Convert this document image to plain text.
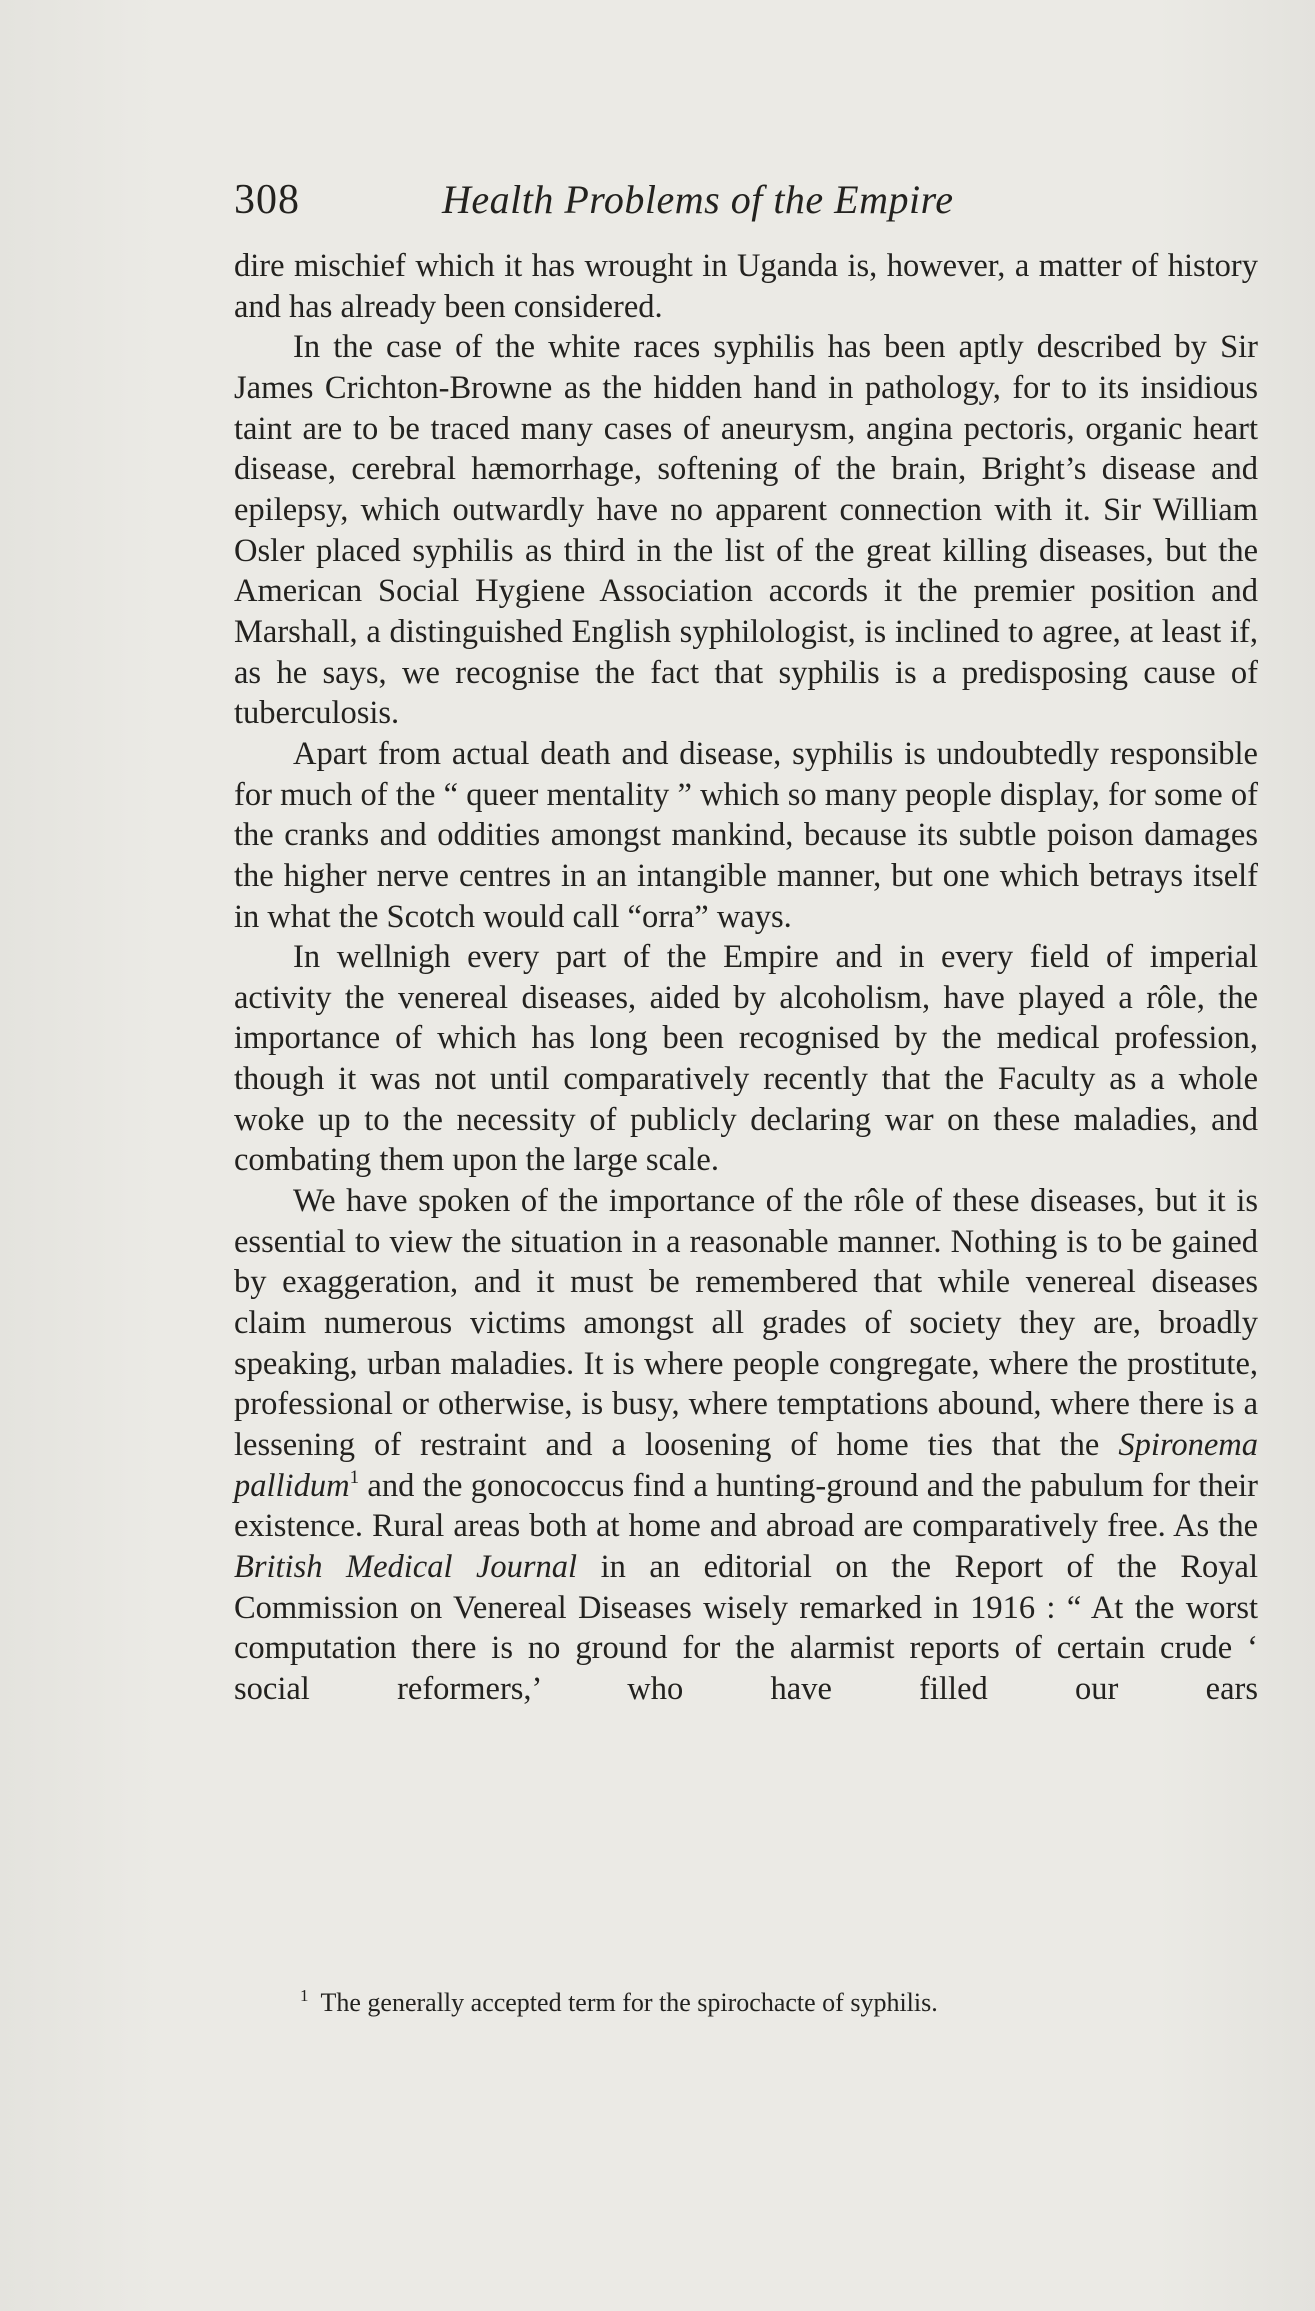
308	Health Problems of the Empire

dire mischief which it has wrought in Uganda is, however, a matter of history and has already been considered.

In the case of the white races syphilis has been aptly described by Sir James Crichton-Browne as the hidden hand in pathology, for to its insidious taint are to be traced many cases of aneurysm, angina pectoris, organic heart disease, cerebral hæmorrhage, softening of the brain, Bright’s disease and epilepsy, which outwardly have no apparent connection with it. Sir William Osler placed syphilis as third in the list of the great killing diseases, but the American Social Hygiene Association accords it the premier position and Marshall, a distinguished English syphilologist, is inclined to agree, at least if, as he says, we recognise the fact that syphilis is a predisposing cause of tuberculosis.

Apart from actual death and disease, syphilis is undoubtedly responsible for much of the “ queer mentality ” which so many people display, for some of the cranks and oddities amongst mankind, because its subtle poison damages the higher nerve centres in an intangible manner, but one which betrays itself in what the Scotch would call “orra” ways.

In wellnigh every part of the Empire and in every field of imperial activity the venereal diseases, aided by alcoholism, have played a rôle, the importance of which has long been recognised by the medical profession, though it was not until comparatively recently that the Faculty as a whole woke up to the necessity of publicly declaring war on these maladies, and combating them upon the large scale.

We have spoken of the importance of the rôle of these diseases, but it is essential to view the situation in a reasonable manner. Nothing is to be gained by exaggeration, and it must be remembered that while venereal diseases claim numerous victims amongst all grades of society they are, broadly speaking, urban maladies. It is where people congregate, where the prostitute, professional or otherwise, is busy, where temptations abound, where there is a lessening of restraint and a loosening of home ties that the Spironema pallidum$^1$ and the gonococcus find a hunting-ground and the pabulum for their existence. Rural areas both at home and abroad are comparatively free. As the British Medical Journal in an editorial on the Report of the Royal Commission on Venereal Diseases wisely remarked in 1916 : “ At the worst computation there is no ground for the alarmist reports of certain crude ‘ social reformers,’ who have filled our ears

$^1$ The generally accepted term for the spirochacte of syphilis.
